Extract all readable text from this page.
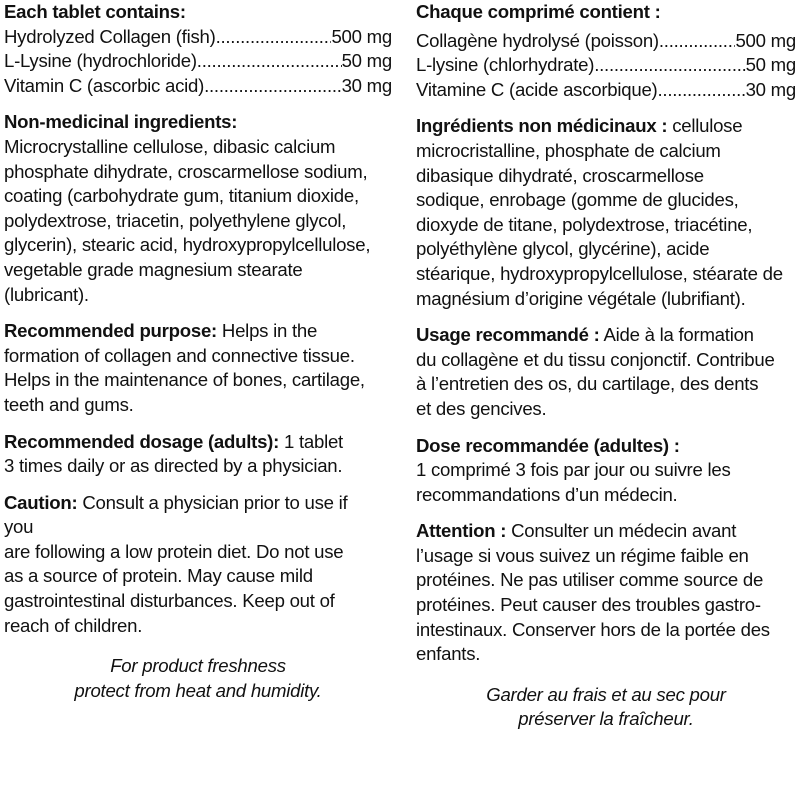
Each tablet contains:
Hydrolyzed Collagen (fish) .....	500 mg
L-Lysine (hydrochloride) .....	50 mg
Vitamin C (ascorbic acid) .....	30 mg
Non-medicinal ingredients:
Microcrystalline cellulose, dibasic calcium
phosphate dihydrate, croscarmellose sodium,
coating (carbohydrate gum, titanium dioxide,
polydextrose, triacetin, polyethylene glycol,
glycerin), stearic acid, hydroxypropylcellulose,
vegetable grade magnesium stearate
(lubricant).
Recommended purpose: Helps in the
formation of collagen and connective tissue.
Helps in the maintenance of bones, cartilage,
teeth and gums.
Recommended dosage (adults): 1 tablet
3 times daily or as directed by a physician.
Caution: Consult a physician prior to use if
you
are following a low protein diet. Do not use
as a source of protein. May cause mild
gastrointestinal disturbances. Keep out of
reach of children.
For product freshness
protect from heat and humidity.
Chaque comprimé contient :
Collagène hydrolysé (poisson) .....	500 mg
L-lysine (chlorhydrate) .....	50 mg
Vitamine C (acide ascorbique) .....	30 mg
Ingrédients non médicinaux : cellulose
microcristalline, phosphate de calcium
dibasique dihydraté, croscarmellose
sodique, enrobage (gomme de glucides,
dioxyde de titane, polydextrose, triacétine,
polyéthylène glycol, glycérine), acide
stéarique, hydroxypropylcellulose, stéarate de
magnésium d’origine végétale (lubrifiant).
Usage recommandé : Aide à la formation
du collagène et du tissu conjonctif. Contribue
à l’entretien des os, du cartilage, des dents
et des gencives.
Dose recommandée (adultes) :
1 comprimé 3 fois par jour ou suivre les
recommandations d’un médecin.
Attention : Consulter un médecin avant
l’usage si vous suivez un régime faible en
protéines. Ne pas utiliser comme source de
protéines. Peut causer des troubles gastro-
intestinaux. Conserver hors de la portée des
enfants.
Garder au frais et au sec pour
préserver la fraîcheur.
